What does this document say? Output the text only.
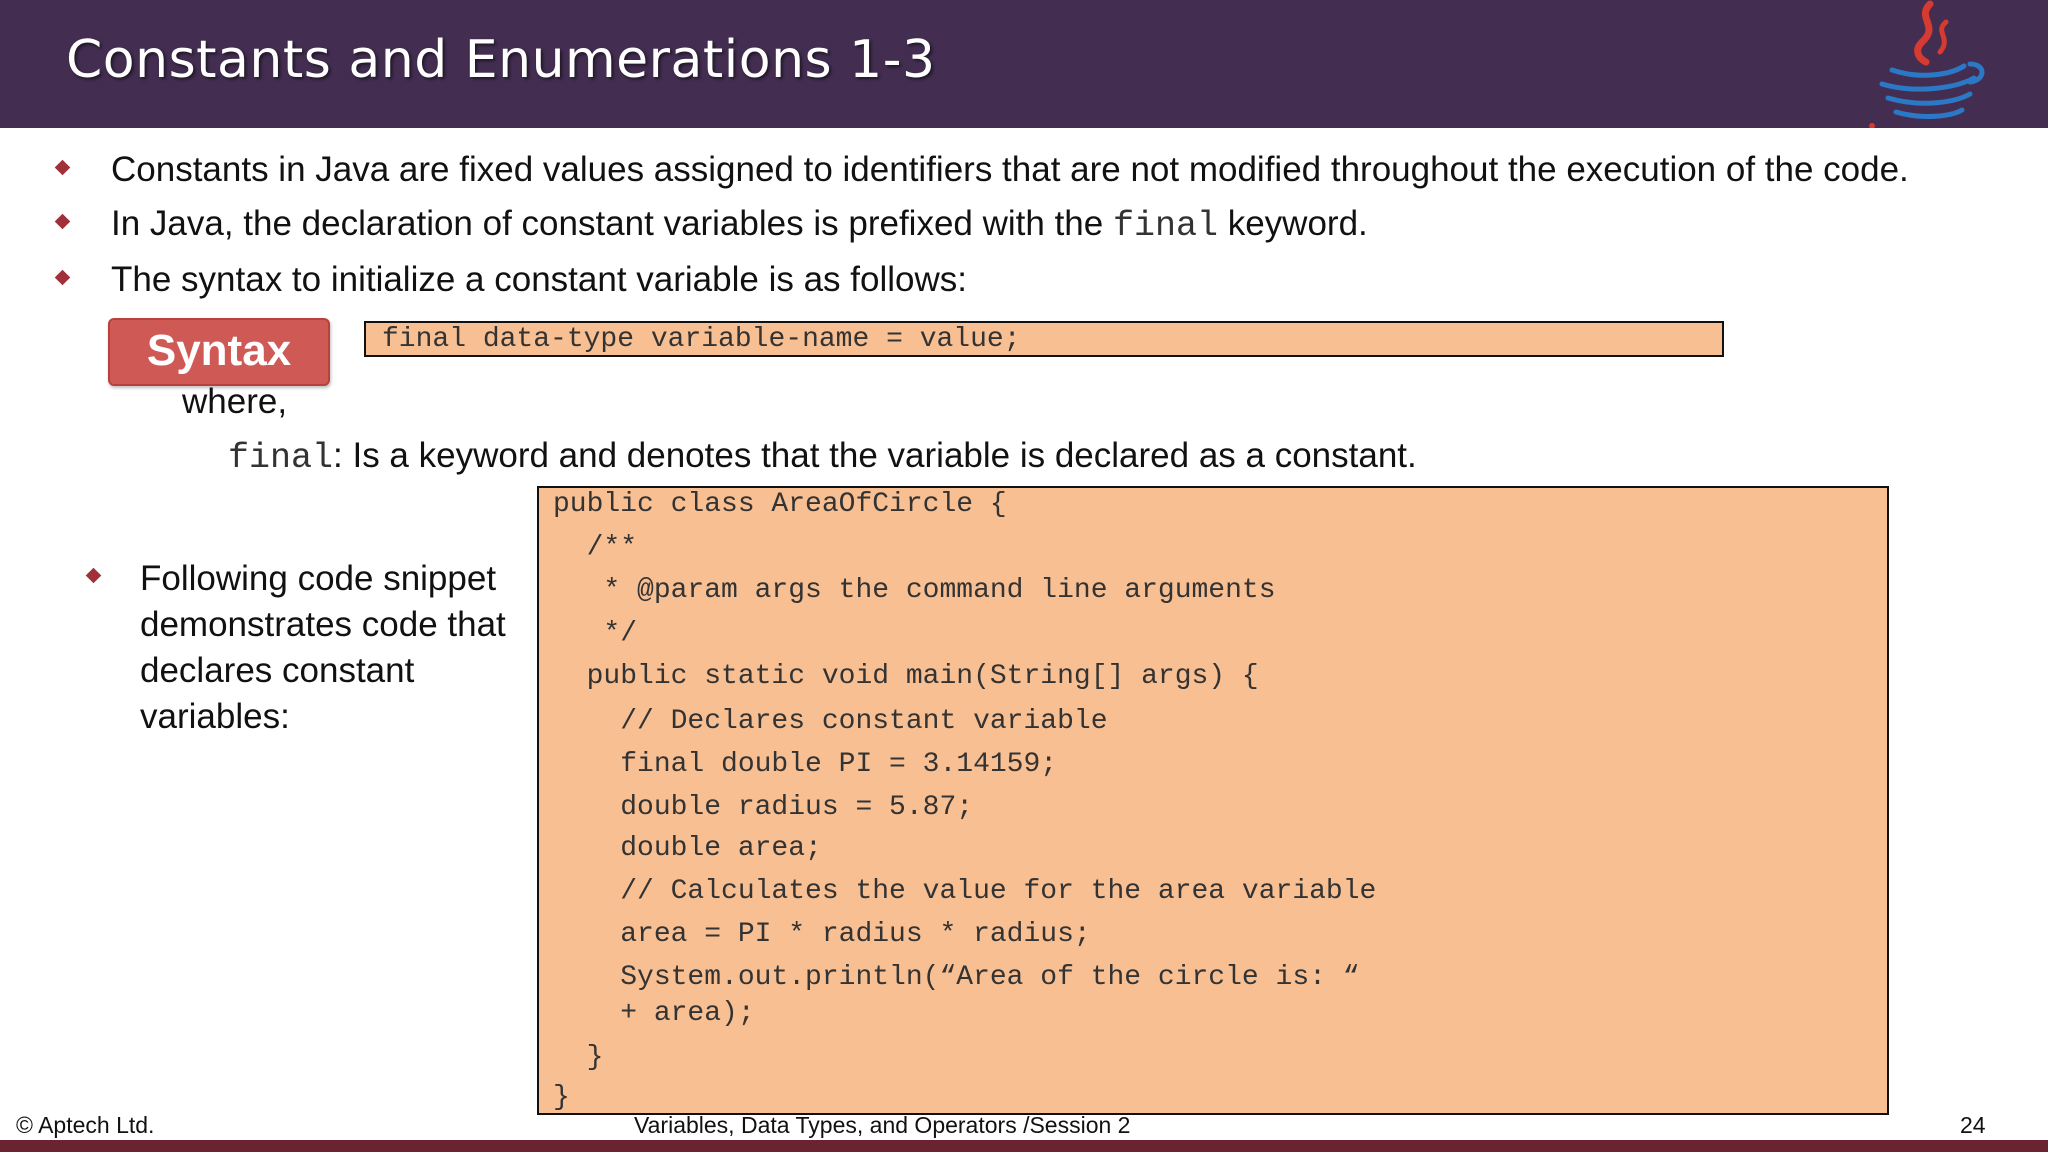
Constants and Enumerations 1-3
Constants in Java are fixed values assigned to identifiers that are not modified throughout the execution of the code.
In Java, the declaration of constant variables is prefixed with the final keyword.
The syntax to initialize a constant variable is as follows:
Syntax	final data-type variable-name = value;
where,
final: Is a keyword and denotes that the variable is declared as a constant.
Following code snippet demonstrates code that declares constant variables:
public class AreaOfCircle {
/**
* @param args the command line arguments
*/
public static void main(String[] args) {
// Declares constant variable
final double PI = 3.14159;
double radius = 5.87;
double area;
// Calculates the value for the area variable
area = PI * radius * radius;
System.out.println(“Area of the circle is: “
+ area);
}
}
© Aptech Ltd.	Variables, Data Types, and Operators /Session 2	24
